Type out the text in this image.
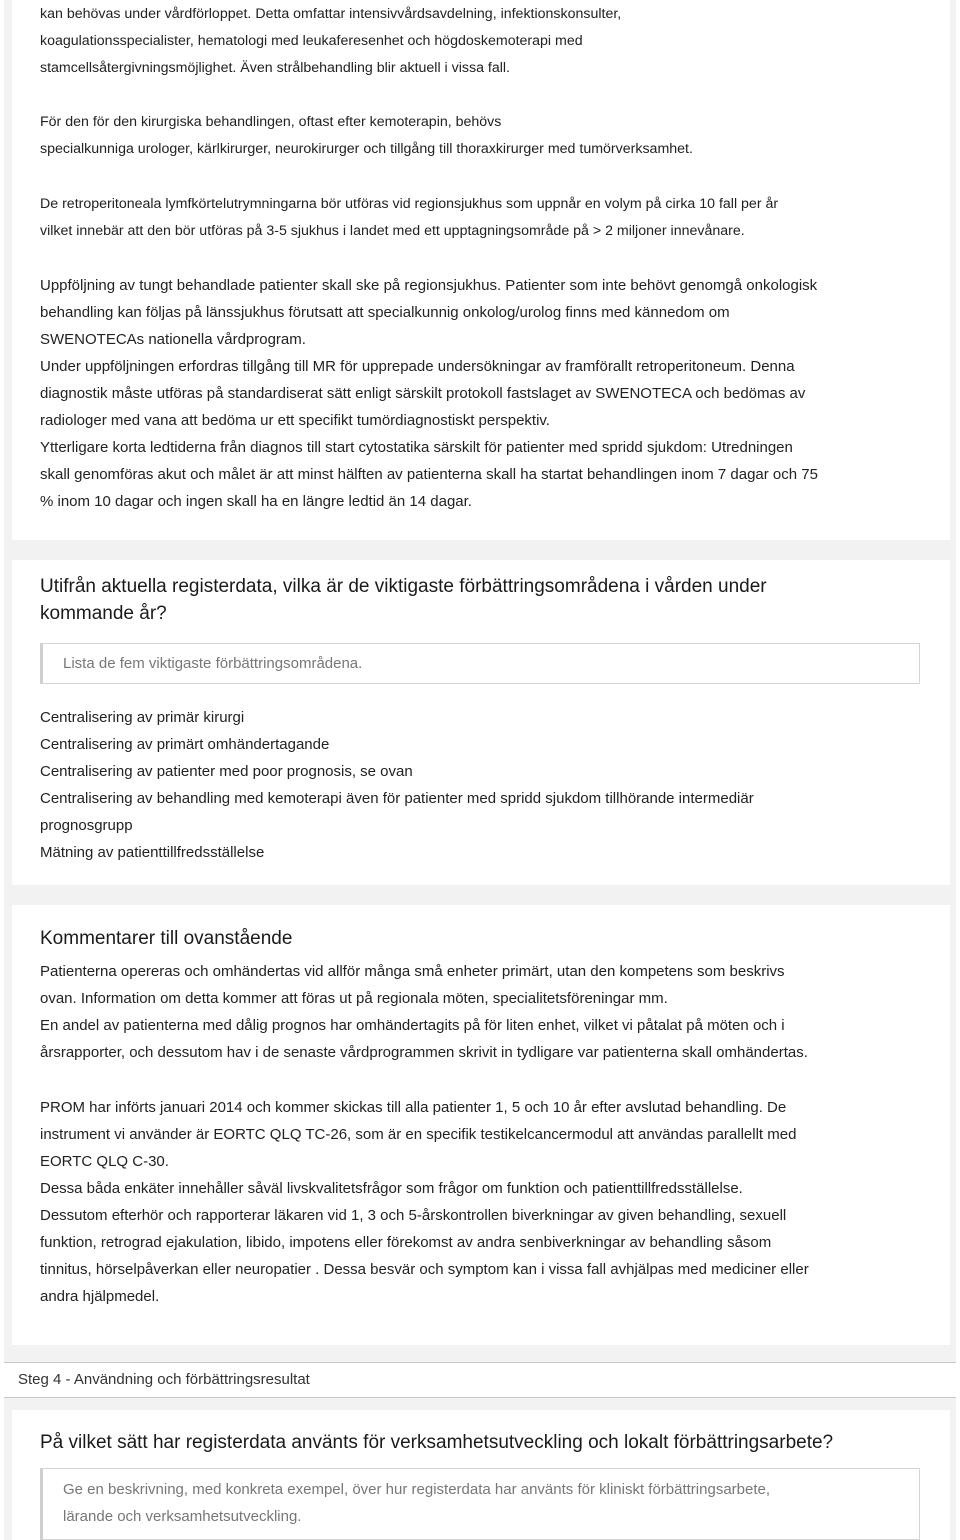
kan behövas under vårdförloppet. Detta omfattar intensivvårdsavdelning, infektionskonsulter,

koagulationsspecialister, hematologi med leukaferesenhet och högdoskemoterapi med

stamcellsåtergivningsmöjlighet. Även strålbehandling blir aktuell i vissa fall.

För den för den kirurgiska behandlingen, oftast efter kemoterapin, behövs

specialkunniga urologer, kärlkirurger, neurokirurger och tillgång till thoraxkirurger med tumörverksamhet.

De retroperitoneala lymfkörtelutrymningarna bör utföras vid regionsjukhus som uppnår en volym på cirka 10 fall per år

vilket innebär att den bör utföras på 3-5 sjukhus i landet med ett upptagningsområde på > 2 miljoner innevånare.

Uppföljning av tungt behandlade patienter skall ske på regionsjukhus. Patienter som inte behövt genomgå onkologisk

behandling kan följas på länssjukhus förutsatt att specialkunnig onkolog/urolog finns med kännedom om

SWENOTECAs nationella vårdprogram.

Under uppföljningen erfordras tillgång till MR för upprepade undersökningar av framförallt retroperitoneum. Denna

diagnostik måste utföras på standardiserat sätt enligt särskilt protokoll fastslaget av SWENOTECA och bedömas av

radiologer med vana att bedöma ur ett specifikt tumördiagnostiskt perspektiv.

Ytterligare korta ledtiderna från diagnos till start cytostatika särskilt för patienter med spridd sjukdom: Utredningen

skall genomföras akut och målet är att minst hälften av patienterna skall ha startat behandlingen inom 7 dagar och 75

% inom 10 dagar och ingen skall ha en längre ledtid än 14 dagar.

Utifrån aktuella registerdata, vilka är de viktigaste förbättringsområdena i vården under

kommande år?

Lista de fem viktigaste förbättringsområdena.

Centralisering av primär kirurgi

Centralisering av primärt omhändertagande

Centralisering av patienter med poor prognosis, se ovan

Centralisering av behandling med kemoterapi även för patienter med spridd sjukdom tillhörande intermediär

prognosgrupp

Mätning av patienttillfredsställelse

Kommentarer till ovanstående

Patienterna opereras och omhändertas vid allför många små enheter primärt, utan den kompetens som beskrivs

ovan. Information om detta kommer att föras ut på regionala möten, specialitetsföreningar mm.

En andel av patienterna med dålig prognos har omhändertagits på för liten enhet, vilket vi påtalat på möten och i

årsrapporter, och dessutom hav i de senaste vårdprogrammen skrivit in tydligare var patienterna skall omhändertas.

PROM har införts januari 2014 och kommer skickas till alla patienter 1, 5 och 10 år efter avslutad behandling. De

instrument vi använder är EORTC QLQ TC-26, som är en specifik testikelcancermodul att användas parallellt med

EORTC QLQ C-30.

Dessa båda enkäter innehåller såväl livskvalitetsfrågor som frågor om funktion och patienttillfredsställelse.

Dessutom efterhör och rapporterar läkaren vid 1, 3 och 5-årskontrollen biverkningar av given behandling, sexuell

funktion, retrograd ejakulation, libido, impotens eller förekomst av andra senbiverkningar av behandling såsom

tinnitus, hörselpåverkan eller neuropatier . Dessa besvär och symptom kan i vissa fall avhjälpas med mediciner eller

andra hjälpmedel.

Steg 4 - Användning och förbättringsresultat
På vilket sätt har registerdata använts för verksamhetsutveckling och lokalt förbättringsarbete?

Ge en beskrivning, med konkreta exempel, över hur registerdata har använts för kliniskt förbättringsarbete,

lärande och verksamhetsutveckling.
